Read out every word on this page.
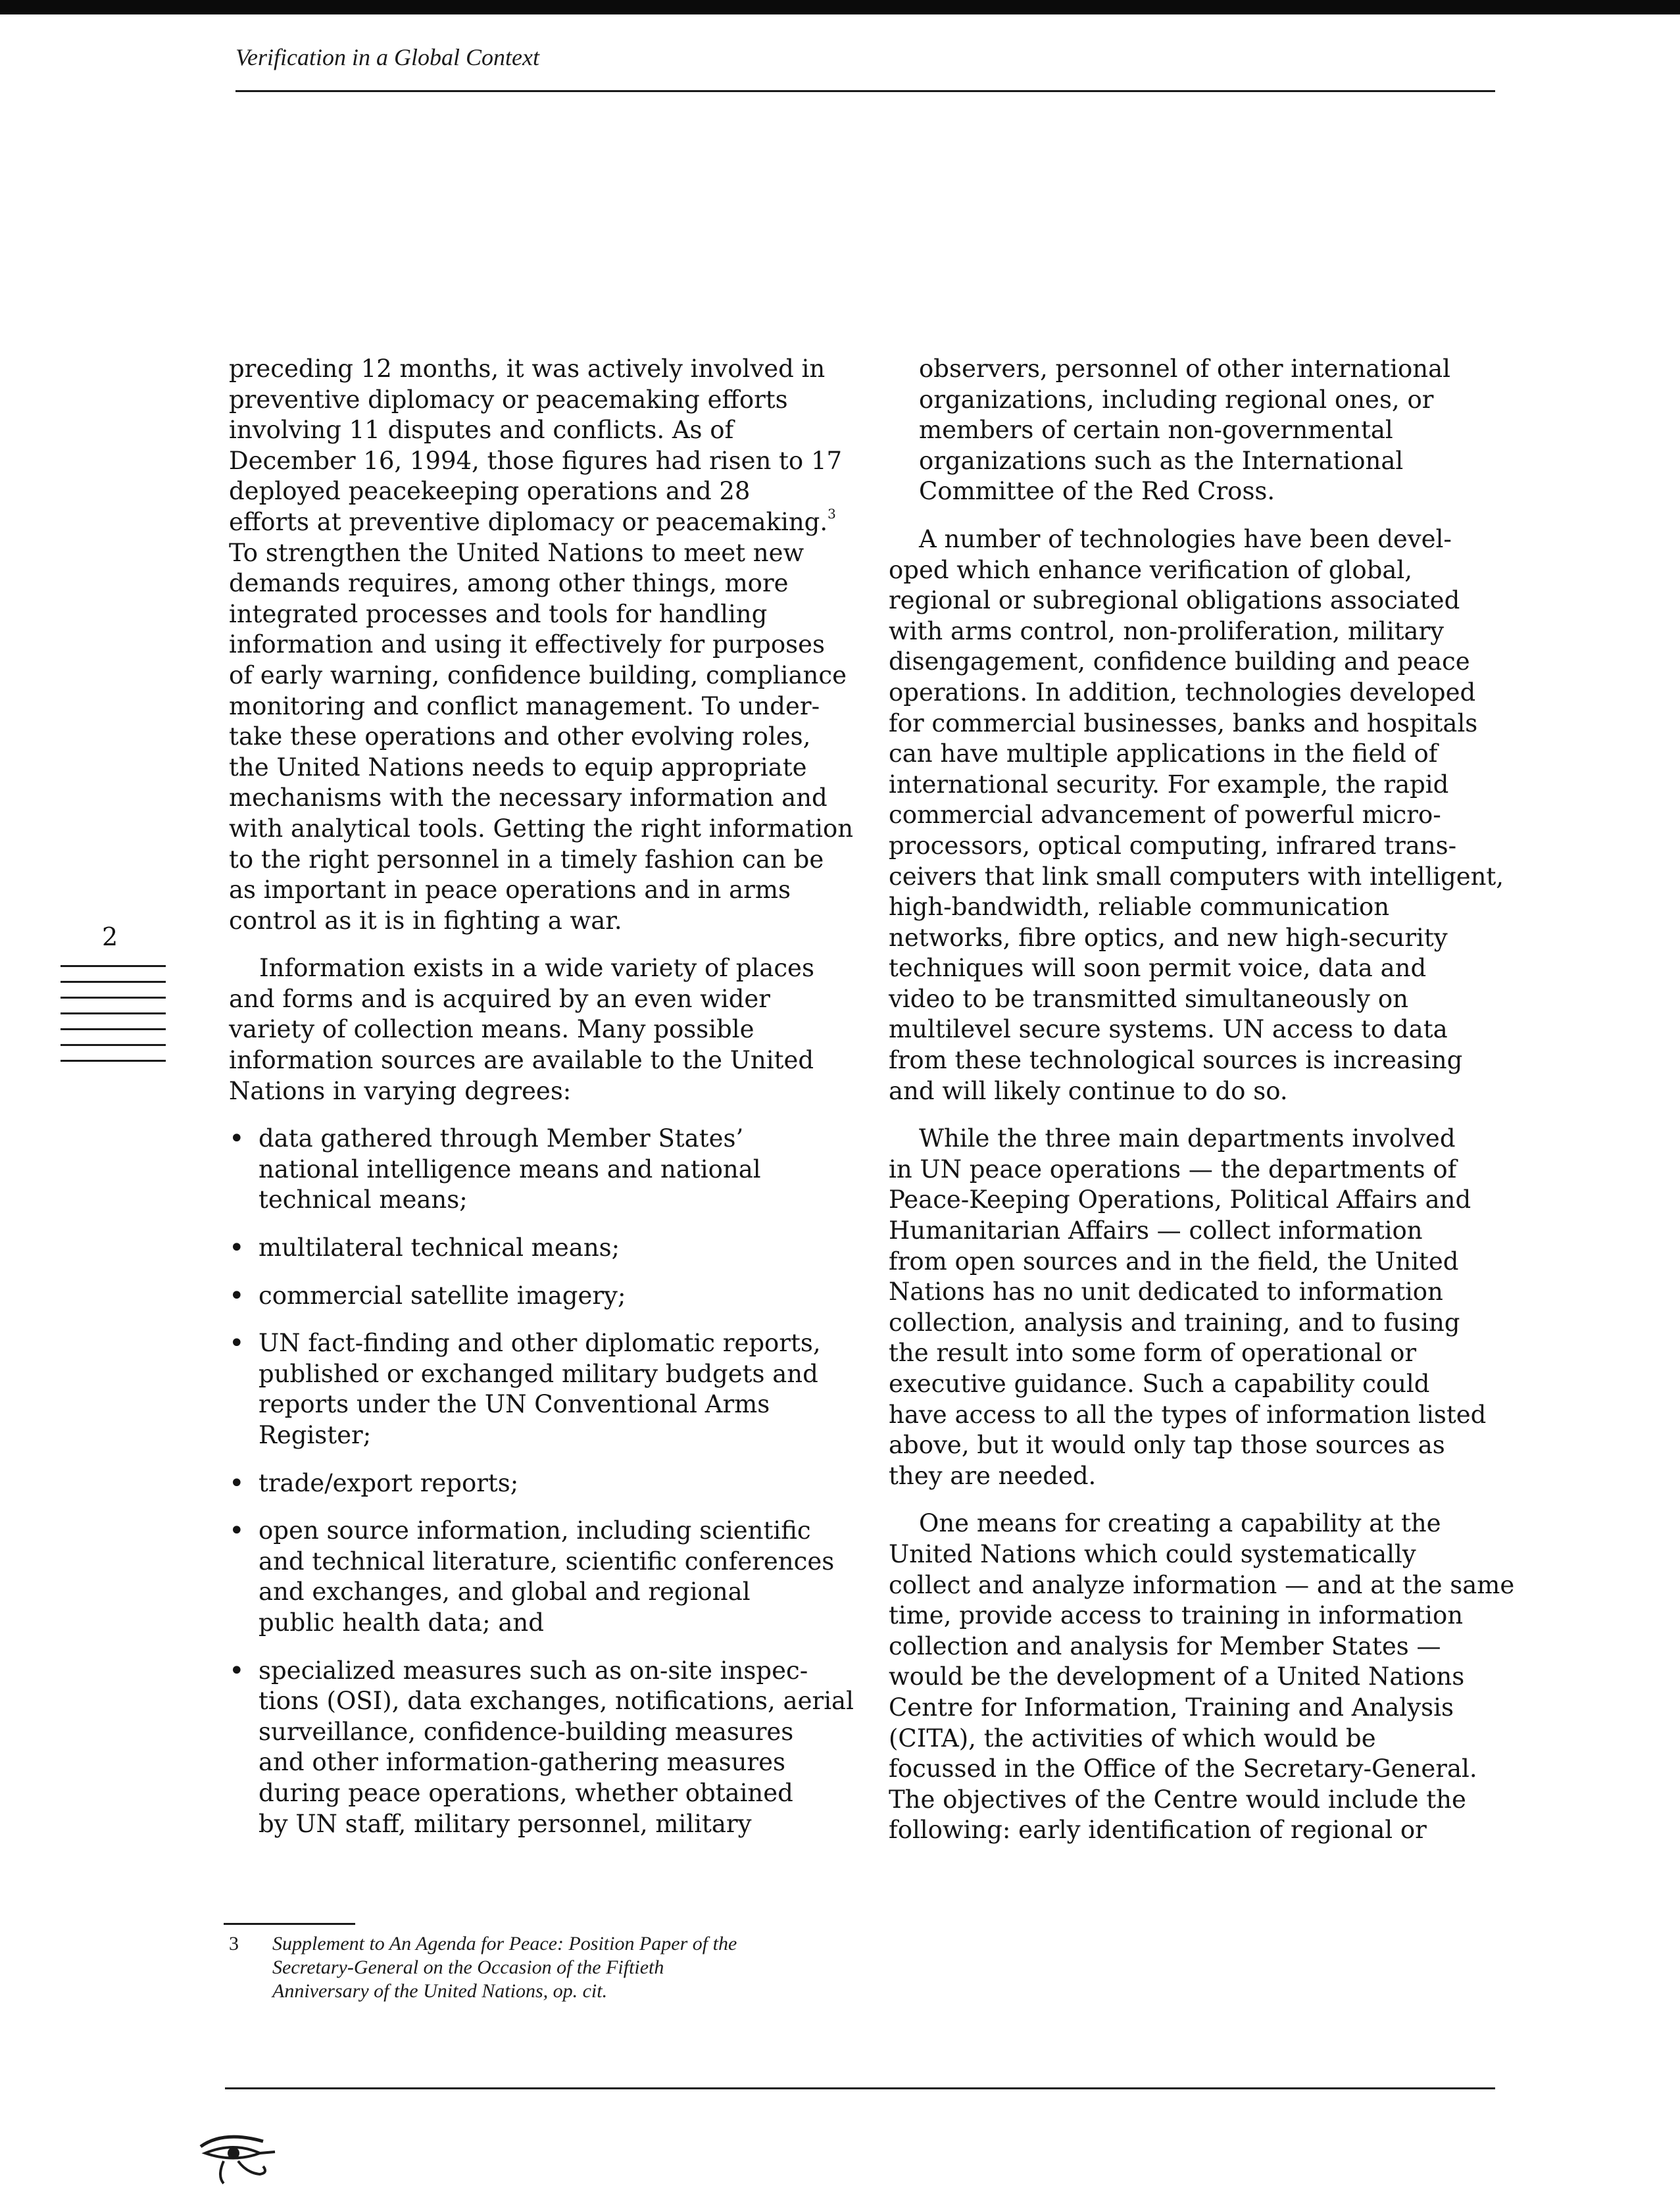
Verification in a Global Context

preceding 12 months, it was actively involved in
preventive diplomacy or peacemaking efforts
involving 11 disputes and conflicts. As of
December 16, 1994, those figures had risen to 17
deployed peacekeeping operations and 28
efforts at preventive diplomacy or peacemaking.$^3$
To strengthen the United Nations to meet new
demands requires, among other things, more
integrated processes and tools for handling
information and using it effectively for purposes
of early warning, confidence building, compliance
monitoring and conflict management. To under-
take these operations and other evolving roles,
the United Nations needs to equip appropriate
mechanisms with the necessary information and
with analytical tools. Getting the right information
to the right personnel in a timely fashion can be
as important in peace operations and in arms
control as it is in fighting a war.

Information exists in a wide variety of places
and forms and is acquired by an even wider
variety of collection means. Many possible
information sources are available to the United
Nations in varying degrees:

• data gathered through Member States’
national intelligence means and national
technical means;
• multilateral technical means;
• commercial satellite imagery;
• UN fact-finding and other diplomatic reports,
published or exchanged military budgets and
reports under the UN Conventional Arms
Register;
• trade/export reports;
• open source information, including scientific
and technical literature, scientific conferences
and exchanges, and global and regional
public health data; and
• specialized measures such as on-site inspec-
tions (OSI), data exchanges, notifications, aerial
surveillance, confidence-building measures
and other information-gathering measures
during peace operations, whether obtained
by UN staff, military personnel, military

observers, personnel of other international
organizations, including regional ones, or
members of certain non-governmental
organizations such as the International
Committee of the Red Cross.

A number of technologies have been devel-
oped which enhance verification of global,
regional or subregional obligations associated
with arms control, non-proliferation, military
disengagement, confidence building and peace
operations. In addition, technologies developed
for commercial businesses, banks and hospitals
can have multiple applications in the field of
international security. For example, the rapid
commercial advancement of powerful micro-
processors, optical computing, infrared trans-
ceivers that link small computers with intelligent,
high-bandwidth, reliable communication
networks, fibre optics, and new high-security
techniques will soon permit voice, data and
video to be transmitted simultaneously on
multilevel secure systems. UN access to data
from these technological sources is increasing
and will likely continue to do so.

While the three main departments involved
in UN peace operations — the departments of
Peace-Keeping Operations, Political Affairs and
Humanitarian Affairs — collect information
from open sources and in the field, the United
Nations has no unit dedicated to information
collection, analysis and training, and to fusing
the result into some form of operational or
executive guidance. Such a capability could
have access to all the types of information listed
above, but it would only tap those sources as
they are needed.

One means for creating a capability at the
United Nations which could systematically
collect and analyze information — and at the same
time, provide access to training in information
collection and analysis for Member States —
would be the development of a United Nations
Centre for Information, Training and Analysis
(CITA), the activities of which would be
focussed in the Office of the Secretary-General.
The objectives of the Centre would include the
following: early identification of regional or

2
3 Supplement to An Agenda for Peace: Position Paper of the
Secretary-General on the Occasion of the Fiftieth
Anniversary of the United Nations, op. cit.
